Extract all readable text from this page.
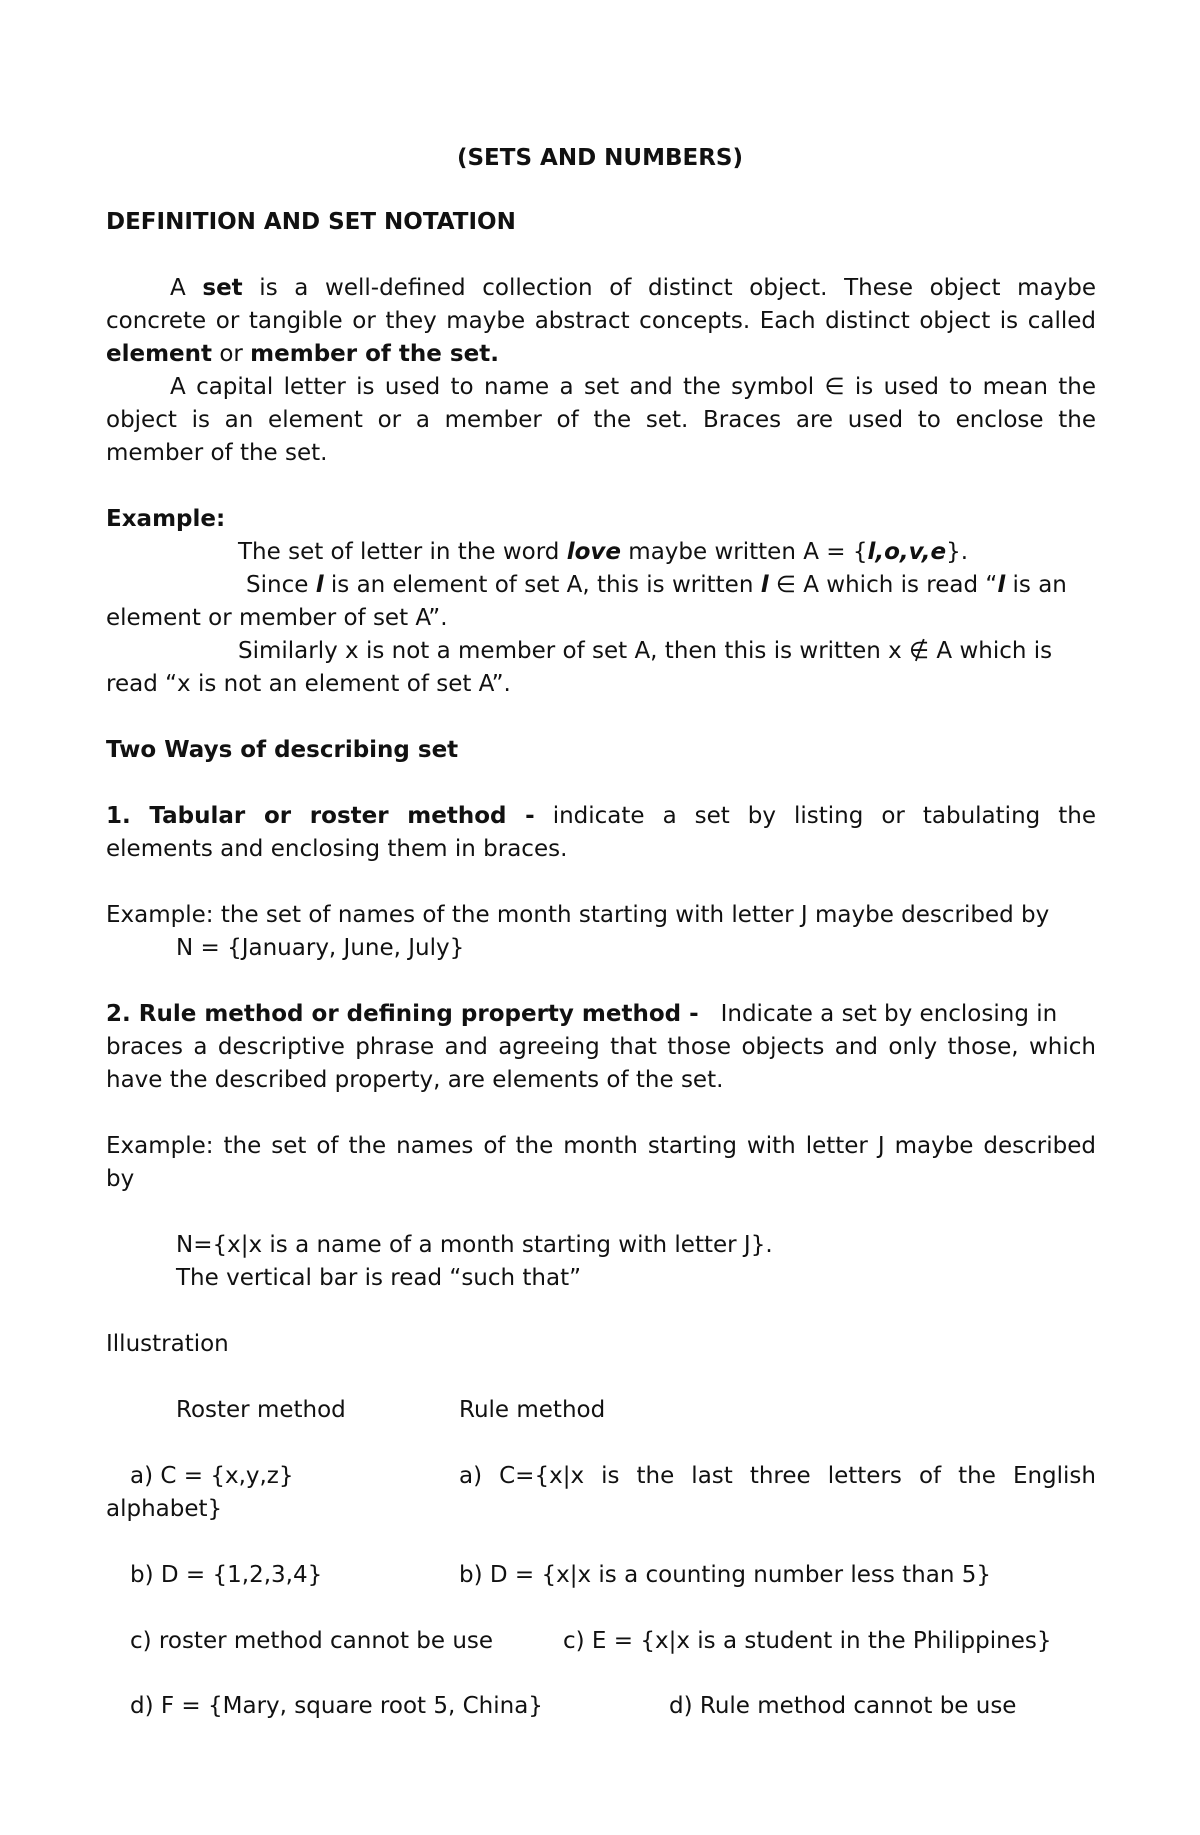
(SETS AND NUMBERS)
DEFINITION AND SET NOTATION
A set is a well-defined collection of distinct object. These object maybe
concrete or tangible or they maybe abstract concepts. Each distinct object is called
element or member of the set.
A capital letter is used to name a set and the symbol ∈ is used to mean the
object is an element or a member of the set. Braces are used to enclose the
member of the set.
Example:
The set of letter in the word love maybe written A = {l,o,v,e}.
Since l is an element of set A, this is written l ∈ A which is read “l is an
element or member of set A”.
Similarly x is not a member of set A, then this is written x ∉ A which is
read “x is not an element of set A”.
Two Ways of describing set
1. Tabular or roster method - indicate a set by listing or tabulating the
elements and enclosing them in braces.
Example: the set of names of the month starting with letter J maybe described by
N = {January, June, July}
2. Rule method or defining property method -   Indicate a set by enclosing in
braces a descriptive phrase and agreeing that those objects and only those, which
have the described property, are elements of the set.
Example: the set of the names of the month starting with letter J maybe described
by
N={x|x is a name of a month starting with letter J}.
The vertical bar is read “such that”
Illustration
Roster method	Rule method
a) C = {x,y,z}	a) C={x|x is the last three letters of the English
alphabet}
b) D = {1,2,3,4}	b) D = {x|x is a counting number less than 5}
c) roster method cannot be use	c) E = {x|x is a student in the Philippines}
d) F = {Mary, square root 5, China}	d) Rule method cannot be use
